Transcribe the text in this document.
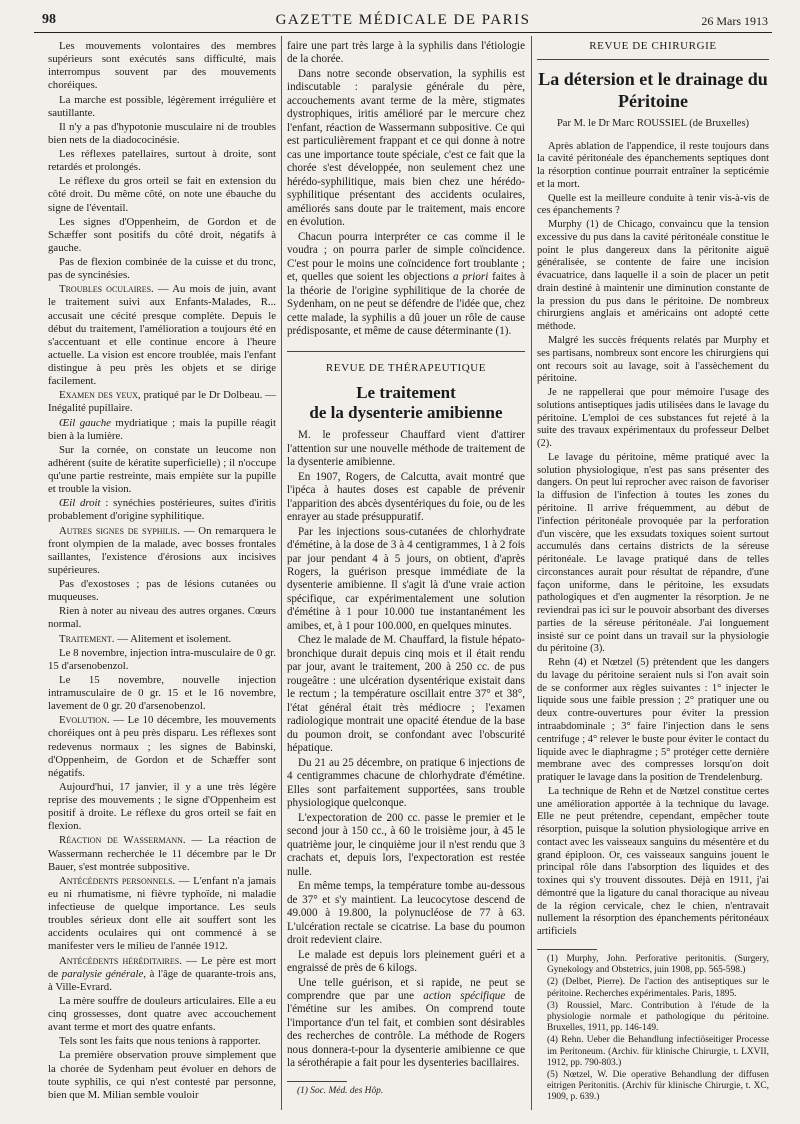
98	GAZETTE MÉDICALE DE PARIS	26 Mars 1913

Les mouvements volontaires des membres supérieurs sont exécutés sans difficulté, mais interrompus souvent par des mouvements choréiques.

La marche est possible, légèrement irrégulière et sautillante.

Il n'y a pas d'hypotonie musculaire ni de troubles bien nets de la diadococinésie.

Les réflexes patellaires, surtout à droite, sont retardés et prolongés.

Le réflexe du gros orteil se fait en extension du côté droit. Du même côté, on note une ébauche du signe de l'éventail.

Les signes d'Oppenheim, de Gordon et de Schæffer sont positifs du côté droit, négatifs à gauche.

Pas de flexion combinée de la cuisse et du tronc, pas de syncinésies.

Troubles oculaires. — Au mois de juin, avant le traitement suivi aux Enfants-Malades, R... accusait une cécité presque complète. Depuis le début du traitement, l'amélioration a toujours été en s'accentuant et elle continue encore à l'heure actuelle. La vision est encore troublée, mais l'enfant distingue à peu près les objets et se dirige facilement.

Examen des yeux, pratiqué par le Dr Dolbeau. — Inégalité pupillaire.

Œil gauche mydriatique ; mais la pupille réagit bien à la lumière.

Sur la cornée, on constate un leucome non adhérent (suite de kératite superficielle) ; il n'occupe qu'une partie restreinte, mais empiète sur la pupille et trouble la vision.

Œil droit : synéchies postérieures, suites d'iritis probablement d'origine syphilitique.

Autres signes de syphilis. — On remarquera le front olympien de la malade, avec bosses frontales saillantes, l'existence d'érosions aux incisives supérieures.

Pas d'exostoses ; pas de lésions cutanées ou muqueuses.

Rien à noter au niveau des autres organes. Cœurs normal.

Traitement. — Alitement et isolement.

Le 8 novembre, injection intra-musculaire de 0 gr. 15 d'arsenobenzol.

Le 15 novembre, nouvelle injection intramusculaire de 0 gr. 15 et le 16 novembre, lavement de 0 gr. 20 d'arsenobenzol.

Evolution. — Le 10 décembre, les mouvements choréiques ont à peu près disparu. Les réflexes sont redevenus normaux ; les signes de Babinski, d'Oppenheim, de Gordon et de Schæffer sont négatifs.

Aujourd'hui, 17 janvier, il y a une très légère reprise des mouvements ; le signe d'Oppenheim est positif à droite. Le réflexe du gros orteil se fait en flexion.

Réaction de Wassermann. — La réaction de Wassermann recherchée le 11 décembre par le Dr Bauer, s'est montrée subpositive.

Antécédents personnels. — L'enfant n'a jamais eu ni rhumatisme, ni fièvre typhoïde, ni maladie infectieuse de quelque importance. Les seuls troubles sérieux dont elle ait souffert sont les accidents oculaires qui ont commencé à se manifester vers le milieu de l'année 1912.

Antécédents héréditaires. — Le père est mort de paralysie générale, à l'âge de quarante-trois ans, à Ville-Evrard.

La mère souffre de douleurs articulaires. Elle a eu cinq grossesses, dont quatre avec accouchement avant terme et mort des quatre enfants.

Tels sont les faits que nous tenions à rapporter.

La première observation prouve simplement que la chorée de Sydenham peut évoluer en dehors de toute syphilis, ce qui n'est contesté par personne, bien que M. Milian semble vouloir

faire une part très large à la syphilis dans l'étiologie de la chorée.

Dans notre seconde observation, la syphilis est indiscutable : paralysie générale du père, accouchements avant terme de la mère, stigmates dystrophiques, iritis amélioré par le mercure chez l'enfant, réaction de Wassermann subpositive. Ce qui est particulièrement frappant et ce qui donne à notre cas une importance toute spéciale, c'est ce fait que la chorée s'est développée, non seulement chez une hérédo-syphilitique, mais bien chez une hérédo-syphilitique présentant des accidents oculaires, améliorés sans doute par le traitement, mais encore en évolution.

Chacun pourra interpréter ce cas comme il le voudra ; on pourra parler de simple coïncidence. C'est pour le moins une coïncidence fort troublante ; et, quelles que soient les objections a priori faites à la théorie de l'origine syphilitique de la chorée de Sydenham, on ne peut se défendre de l'idée que, chez cette malade, la syphilis a dû jouer un rôle de cause prédisposante, et même de cause déterminante (1).

REVUE DE THÉRAPEUTIQUE
Le traitement
de la dysenterie amibienne

M. le professeur Chauffard vient d'attirer l'attention sur une nouvelle méthode de traitement de la dysenterie amibienne.

En 1907, Rogers, de Calcutta, avait montré que l'ipéca à hautes doses est capable de prévenir l'apparition des abcès dysentériques du foie, ou de les enrayer au stade présuppuratif.

Par les injections sous-cutanées de chlorhydrate d'émétine, à la dose de 3 à 4 centigrammes, 1 à 2 fois par jour pendant 4 à 5 jours, on obtient, d'après Rogers, la guérison presque immédiate de la dysenterie amibienne. Il s'agit là d'une vraie action spécifique, car expérimentalement une solution d'émétine à 1 pour 10.000 tue instantanément les amibes, et, à 1 pour 100.000, en quelques minutes.

Chez le malade de M. Chauffard, la fistule hépato-bronchique durait depuis cinq mois et il était rendu par jour, avant le traitement, 200 à 250 cc. de pus rougeâtre : une ulcération dysentérique existait dans le rectum ; la température oscillait entre 37° et 38°, l'état général était très médiocre ; l'examen radiologique montrait une opacité étendue de la base du poumon droit, se confondant avec l'obscurité hépatique.

Du 21 au 25 décembre, on pratique 6 injections de 4 centigrammes chacune de chlorhydrate d'émétine. Elles sont parfaitement supportées, sans trouble physiologique quelconque.

L'expectoration de 200 cc. passe le premier et le second jour à 150 cc., à 60 le troisième jour, à 45 le quatrième jour, le cinquième jour il n'est rendu que 3 crachats et, depuis lors, l'expectoration est restée nulle.

En même temps, la température tombe au-dessous de 37° et s'y maintient. La leucocytose descend de 49.000 à 19.800, la polynucléose de 77 à 63. L'ulcération rectale se cicatrise. La base du poumon droit redevient claire.

Le malade est depuis lors pleinement guéri et a engraissé de près de 6 kilogs.

Une telle guérison, et si rapide, ne peut se comprendre que par une action spécifique de l'émétine sur les amibes. On comprend toute l'importance d'un tel fait, et combien sont désirables des recherches de contrôle. La méthode de Rogers nous donnera-t-pour la dysenterie amibienne ce que la sérothérapie a fait pour les dysenteries bacillaires.

(1) Soc. Méd. des Hôp.

REVUE DE CHIRURGIE
La détersion et le drainage du Péritoine
Par M. le Dr Marc ROUSSIEL (de Bruxelles)

Après ablation de l'appendice, il reste toujours dans la cavité péritonéale des épanchements septiques dont la résorption continue pourrait entraîner la septicémie et la mort.

Quelle est la meilleure conduite à tenir vis-à-vis de ces épanchements ?

Murphy (1) de Chicago, convaincu que la tension excessive du pus dans la cavité péritonéale constitue le point le plus dangereux dans la péritonite aiguë généralisée, se contente de faire une incision évacuatrice, dans laquelle il a soin de placer un petit drain destiné à maintenir une diminution constante de la pression du pus dans le péritoine. De nombreux chirurgiens anglais et américains ont adopté cette méthode.

Malgré les succès fréquents relatés par Murphy et ses partisans, nombreux sont encore les chirurgiens qui ont recours soit au lavage, soit à l'assèchement du péritoine.

Je ne rappellerai que pour mémoire l'usage des solutions antiseptiques jadis utilisées dans le lavage du péritoine. L'emploi de ces substances fut rejeté à la suite des travaux expérimentaux du professeur Delbet (2).

Le lavage du péritoine, même pratiqué avec la solution physiologique, n'est pas sans présenter des dangers. On peut lui reprocher avec raison de favoriser la diffusion de l'infection à toutes les zones du péritoine. Il arrive fréquemment, au début de l'infection péritonéale provoquée par la perforation d'un viscère, que les exsudats toxiques soient surtout accumulés dans certains districts de la séreuse péritonéale. Le lavage pratiqué dans de telles circonstances aurait pour résultat de répandre, d'une façon uniforme, dans le péritoine, les exsudats pathologiques et d'en augmenter la résorption. Je ne reviendrai pas ici sur le pouvoir absorbant des diverses parties de la séreuse péritonéale. J'ai longuement insisté sur ce point dans un travail sur la physiologie du péritoine (3).

Rehn (4) et Nœtzel (5) prétendent que les dangers du lavage du péritoine seraient nuls si l'on avait soin de se conformer aux règles suivantes : 1° injecter le liquide sous une faible pression ; 2° pratiquer une ou deux contre-ouvertures pour éviter la pression intraabdominale ; 3° faire l'injection dans le sens centrifuge ; 4° relever le buste pour éviter le contact du liquide avec le diaphragme ; 5° protéger cette dernière membrane avec des compresses lorsqu'on doit pratiquer le lavage dans la position de Trendelenburg.

La technique de Rehn et de Nœtzel constitue certes une amélioration apportée à la technique du lavage. Elle ne peut prétendre, cependant, empêcher toute résorption, puisque la solution physiologique arrive en contact avec les vaisseaux sanguins du mésentère et du grand épiploon. Or, ces vaisseaux sanguins jouent le principal rôle dans l'absorption des liquides et des toxines qui s'y trouvent dissoutes. Déjà en 1911, j'ai démontré que la ligature du canal thoracique au niveau de la région cervicale, chez le chien, n'entravait nullement la résorption des épanchements péritonéaux artificiels

(1) Murphy, John. Perforative peritonitis. (Surgery, Gynekology and Obstetrics, juin 1908, pp. 565-598.)

(2) (Delbet, Pierre). De l'action des antiseptiques sur le péritoine. Recherches expérimentales. Paris, 1895.

(3) Roussiel, Marc. Contribution à l'étude de la physiologie normale et pathologique du péritoine. Bruxelles, 1911, pp. 146-149.

(4) Rehn. Ueber die Behandlung infectiöseitiger Processe im Peritoneum. (Archiv. für klinische Chirurgie, t. LXVII, 1912, pp. 790-803.)

(5) Nœtzel, W. Die operative Behandlung der diffusen eitrigen Peritonitis. (Archiv für klinische Chirurgie, t. XC, 1909, p. 639.)
